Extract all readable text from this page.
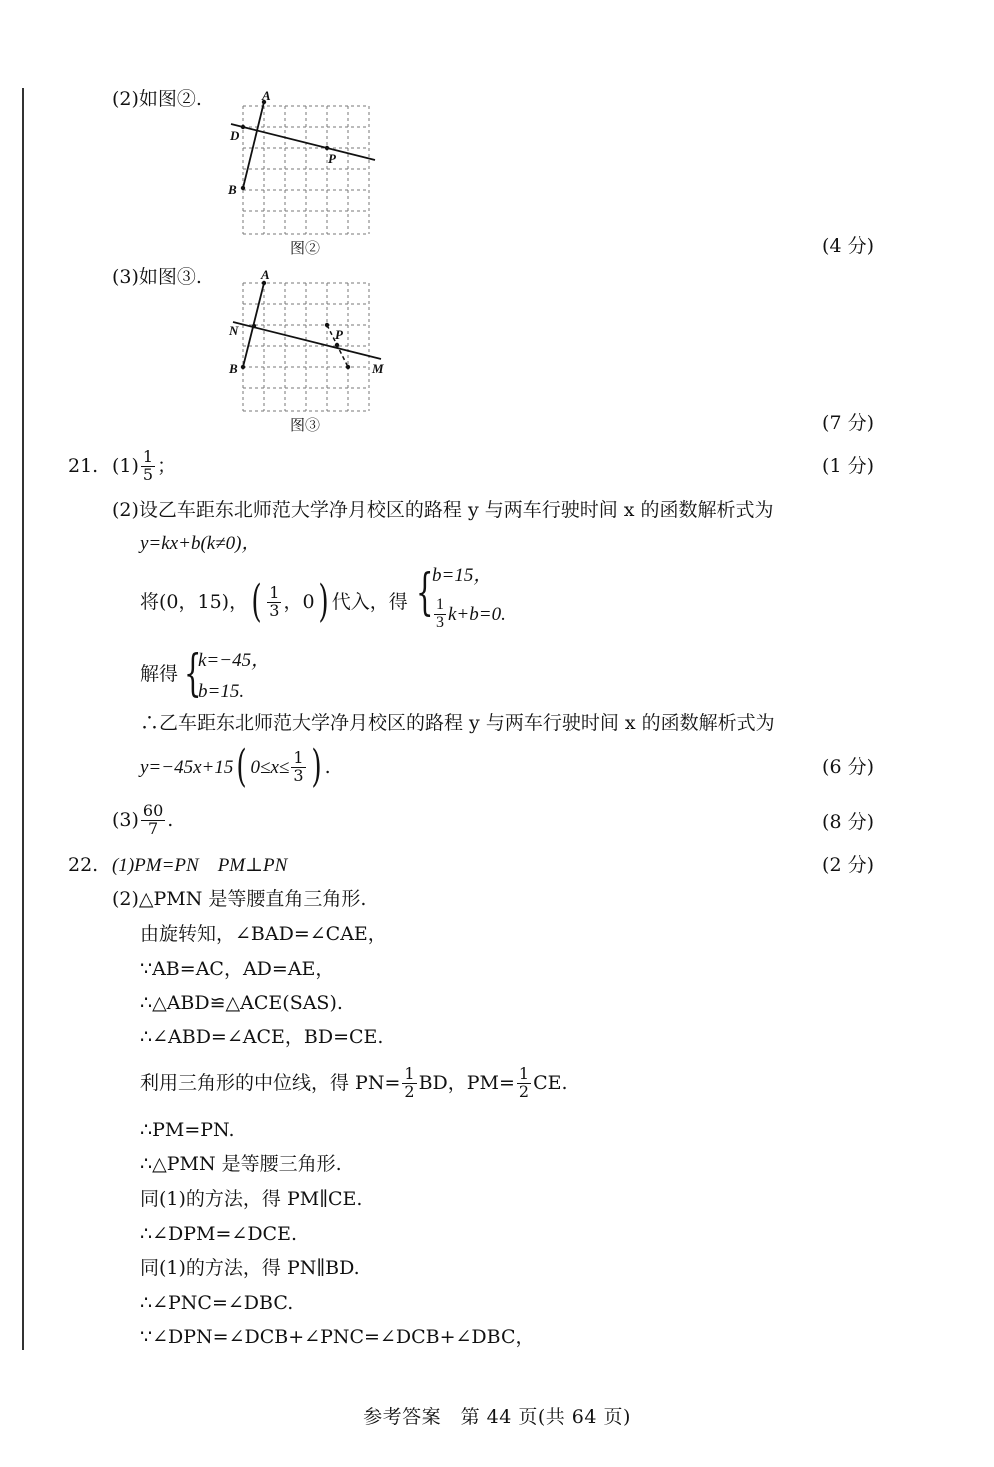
(2)如图②.	A
D
P
B
图②	(4 分)
(3)如图③.	A
N	P
B	M
图③	(7 分)
21. $(1) \frac{1}{5}$ ；	(1 分)
(2)设乙车距东北师范大学净月校区的路程 y 与两车行驶时间 x 的函数解析式为
y=kx+b(k≠0)，
将(0，15)， ( $\frac{1}{3}$ ，0 ) 代入，得 {
b=15，
$\frac{1}{3} k+b=0$.
解得 {
k=−45，
b=15.
∴乙车距东北师范大学净月校区的路程 y 与两车行驶时间 x 的函数解析式为
y=−45x+15 ( $0\le x\le \frac{1}{3}$ ) .	(6 分)
$(3) \frac{60}{7}$ .	(8 分)
22. (1)PM=PN　PM⊥PN	(2 分)
(2)△PMN 是等腰直角三角形.
由旋转知，∠BAD=∠CAE，
∵AB=AC，AD=AE，
∴△ABD≌△ACE(SAS).
∴∠ABD=∠ACE，BD=CE.
利用三角形的中位线，得 $PN= \frac{1}{2}$ BD，$PM= \frac{1}{2}$ CE.
∴PM=PN.
∴△PMN 是等腰三角形.
同(1)的方法，得 PM∥CE.
∴∠DPM=∠DCE.
同(1)的方法，得 PN∥BD.
∴∠PNC=∠DBC.
∵∠DPN=∠DCB+∠PNC=∠DCB+∠DBC，
参考答案　第 44 页(共 64 页)
